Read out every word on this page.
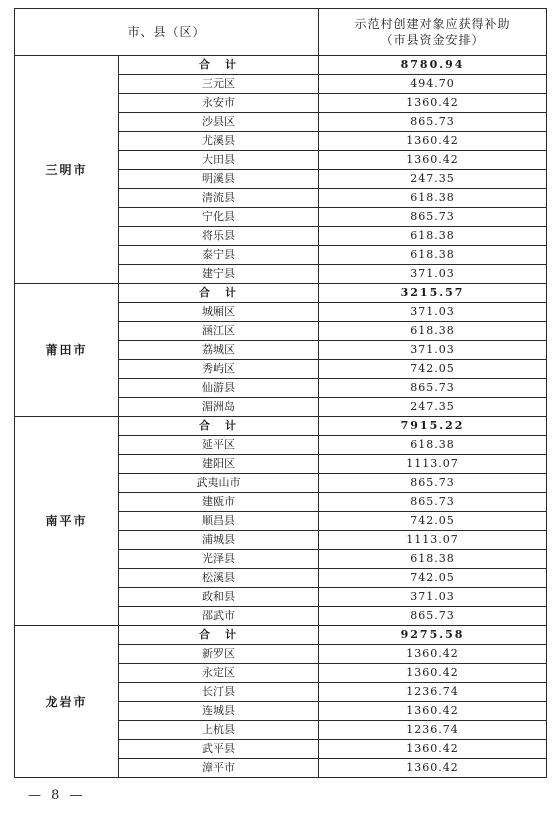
市、县（区）		示范村创建对象应获得补助
（市县资金安排）

三明市	合　计	8780.94
	三元区	494.70
	永安市	1360.42
	沙县区	865.73
	尤溪县	1360.42
	大田县	1360.42
	明溪县	247.35
	清流县	618.38
	宁化县	865.73
	将乐县	618.38
	泰宁县	618.38
	建宁县	371.03
莆田市	合　计	3215.57
	城厢区	371.03
	涵江区	618.38
	荔城区	371.03
	秀屿区	742.05
	仙游县	865.73
	湄洲岛	247.35
南平市	合　计	7915.22
	延平区	618.38
	建阳区	1113.07
	武夷山市	865.73
	建瓯市	865.73
	顺昌县	742.05
	浦城县	1113.07
	光泽县	618.38
	松溪县	742.05
	政和县	371.03
	邵武市	865.73
龙岩市	合　计	9275.58
	新罗区	1360.42
	永定区	1360.42
	长汀县	1236.74
	连城县	1360.42
	上杭县	1236.74
	武平县	1360.42
	漳平市	1360.42
— 8 —
